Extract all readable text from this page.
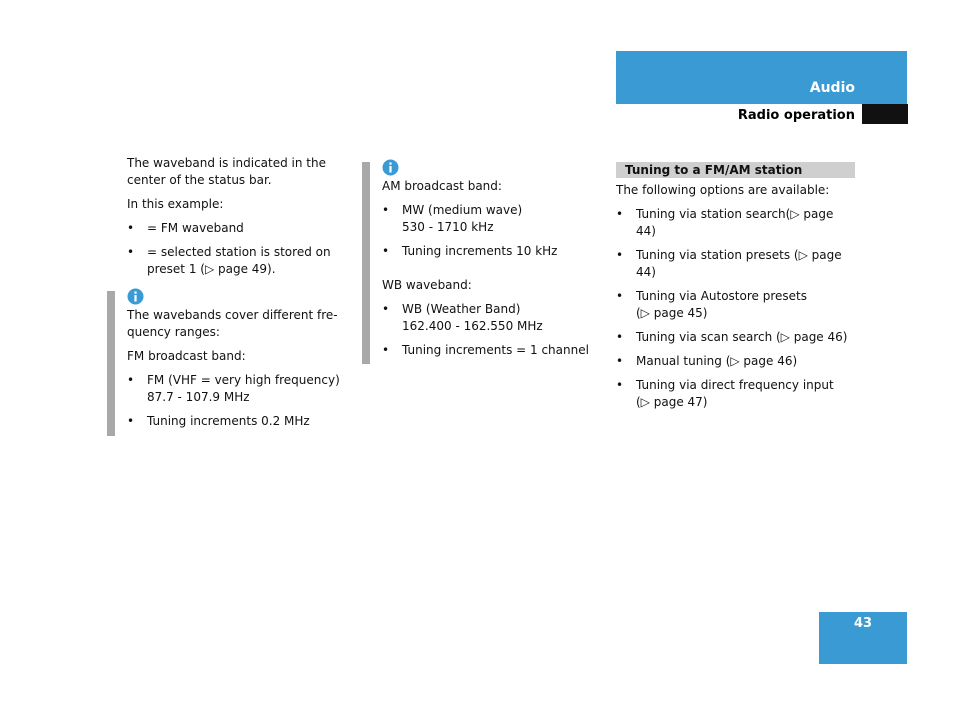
Audio
Radio operation

The waveband is indicated in the center of the status bar.

In this example:

• = FM waveband
• = selected station is stored on preset 1 (▷ page 49).

The wavebands cover different fre-quency ranges:

FM broadcast band:

• FM (VHF = very high frequency)
87.7 - 107.9 MHz
• Tuning increments 0.2 MHz

AM broadcast band:

• MW (medium wave)
530 - 1710 kHz
• Tuning increments 10 kHz

WB waveband:

• WB (Weather Band)
162.400 - 162.550 MHz
• Tuning increments = 1 channel
Tuning to a FM/AM station

The following options are available:

• Tuning via station search(▷ page 44)
• Tuning via station presets (▷ page 44)
• Tuning via Autostore presets
(▷ page 45)
• Tuning via scan search (▷ page 46)
• Manual tuning (▷ page 46)
• Tuning via direct frequency input
(▷ page 47)
43
